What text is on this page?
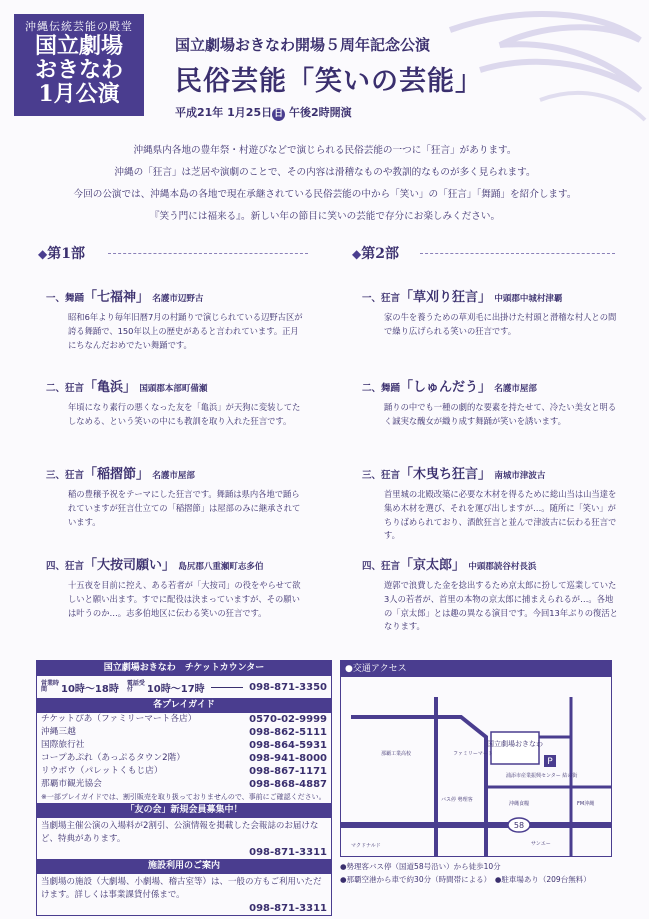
沖縄伝統芸能の殿堂
国立劇場
おきなわ
1月公演
国立劇場おきなわ開場５周年記念公演
民俗芸能「笑いの芸能」
平成21年 1月25日 日 午後2時開演
沖縄県内各地の豊年祭・村遊びなどで演じられる民俗芸能の一つに「狂言」があります。
沖縄の「狂言」は芝居や演劇のことで、その内容は滑稽なものや教訓的なものが多く見られます。
今回の公演では、沖縄本島の各地で現在承継されている民俗芸能の中から「笑い」の「狂言」「舞踊」を紹介します。
『笑う門には福来る』。新しい年の節目に笑いの芸能で存分にお楽しみください。
◆第1部	◆第2部
一、舞踊「七福神」 名護市辺野古
昭和6年より毎年旧暦7月の村踊りで演じられている辺野古区が誇る舞踊で、150年以上の歴史があると言われています。正月にちなんだおめでたい舞踊です。
二、狂言「亀浜」 国頭郡本部町備瀬
年頃になり素行の悪くなった友を「亀浜」が天狗に変装してたしなめる、という笑いの中にも教訓を取り入れた狂言です。
三、狂言「稲摺節」 名護市屋部
稲の豊穣予祝をテーマにした狂言です。舞踊は県内各地で踊られていますが狂言仕立ての「稲摺節」は屋部のみに継承されています。
四、狂言「大按司願い」 島尻郡八重瀬町志多伯
十五夜を目前に控え、ある若者が「大按司」の役をやらせて欲しいと願い出ます。すでに配役は決まっていますが、その願いは叶うのか…。志多伯地区に伝わる笑いの狂言です。
一、狂言「草刈り狂言」 中頭郡中城村津覇
家の牛を養うための草刈毛に出掛けた村頭と滑稽な村人との間で繰り広げられる笑いの狂言です。
二、舞踊「しゅんだう」 名護市屋部
踊りの中でも一種の劇的な要素を持たせて、冷たい美女と明るく誠実な醜女が織り成す舞踊が笑いを誘います。
三、狂言「木曳ち狂言」 南城市津波古
首里城の北殿改築に必要な木材を得るために総山当は山当達を集め木材を選び、それを運び出しますが…。随所に「笑い」がちりばめられており、酒飲狂言と並んで津波古に伝わる狂言です。
四、狂言「京太郎」 中頭郡読谷村長浜
遊郭で浪費した金を捻出するため京太郎に扮して巡業していた3人の若者が、首里の本物の京太郎に捕まえられるが…。各地の「京太郎」とは趣の異なる演目です。今回13年ぶりの復活となります。
国立劇場おきなわ　チケットカウンター
営業時間	10時～18時 電話受付	10時～17時	098-871-3350
各プレイガイド
チケットぴあ（ファミリーマート各店）	0570-02-9999
沖縄三越	098-862-5111
国際旅行社	098-864-5931
コープあぷれ（あっぷるタウン2階）	098-941-8000
リウボウ（パレットくもじ店）	098-867-1171
那覇市観光協会	098-868-4887
※一部プレイガイドでは、割引販売を取り扱っておりませんので、事前にご確認ください。
「友の会」新規会員募集中！
当劇場主催公演の入場料が2割引、公演情報を掲載した会報誌のお届けなど、特典があります。
098-871-3311
施設利用のご案内
当劇場の施設（大劇場、小劇場、稽古室等）は、一般の方もご利用いただけます。詳しくは事業課貸付係まで。
098-871-3311
●交通アクセス
国立劇場おきなわ
P
58
浦添市産業振興センター 結の街
バス停 勢理客
那覇工業高校	ファミリーマート
沖縄食糧	FM沖縄
マクドナルド	サンエー
●勢理客バス停（国道58号沿い）から徒歩10分
●那覇空港から車で約30分（時間帯による）　●駐車場あり（209台無料）
